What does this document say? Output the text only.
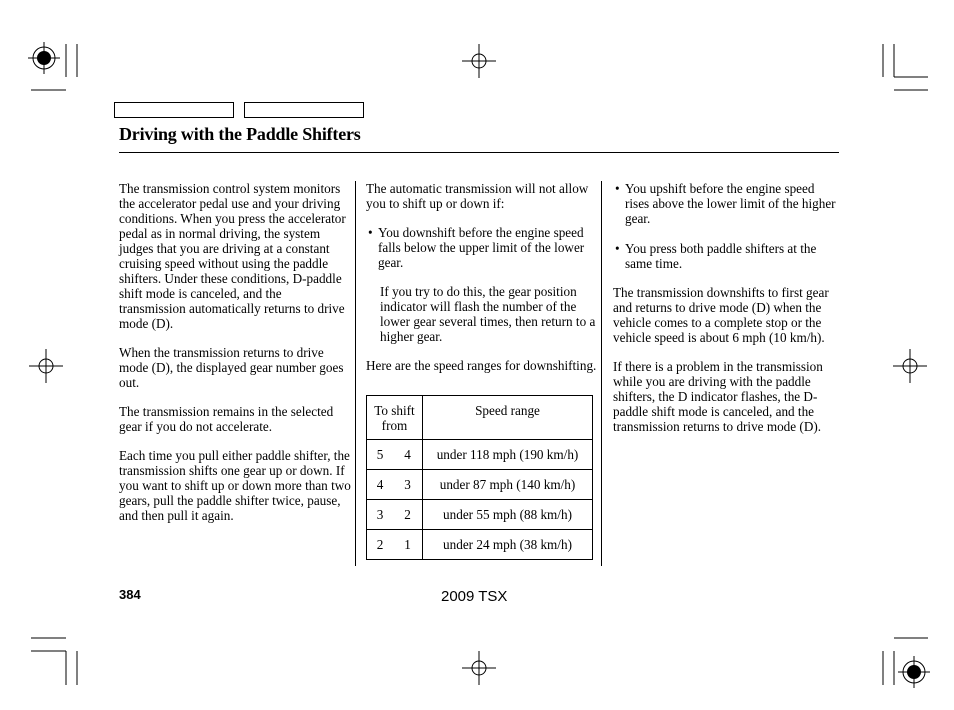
Driving with the Paddle Shifters

The transmission control system monitors the accelerator pedal use and your driving conditions. When you press the accelerator pedal as in normal driving, the system judges that you are driving at a constant cruising speed without using the paddle shifters. Under these conditions, D-paddle shift mode is canceled, and the transmission automatically returns to drive mode (D).

When the transmission returns to drive mode (D), the displayed gear number goes out.

The transmission remains in the selected gear if you do not accelerate.

Each time you pull either paddle shifter, the transmission shifts one gear up or down. If you want to shift up or down more than two gears, pull the paddle shifter twice, pause, and then pull it again.

The automatic transmission will not allow you to shift up or down if:

• You downshift before the engine speed falls below the upper limit of the lower gear.

If you try to do this, the gear position indicator will flash the number of the lower gear several times, then return to a higher gear.

Here are the speed ranges for downshifting.

To shift from		Speed range
5	4	under 118 mph (190 km/h)
4	3	under 87 mph (140 km/h)
3	2	under 55 mph (88 km/h)
2	1	under 24 mph (38 km/h)
• You upshift before the engine speed rises above the lower limit of the higher gear.
• You press both paddle shifters at the same time.

The transmission downshifts to first gear and returns to drive mode (D) when the vehicle comes to a complete stop or the vehicle speed is about 6 mph (10 km/h).

If there is a problem in the transmission while you are driving with the paddle shifters, the D indicator flashes, the D-paddle shift mode is canceled, and the transmission returns to drive mode (D).

384	2009 TSX
